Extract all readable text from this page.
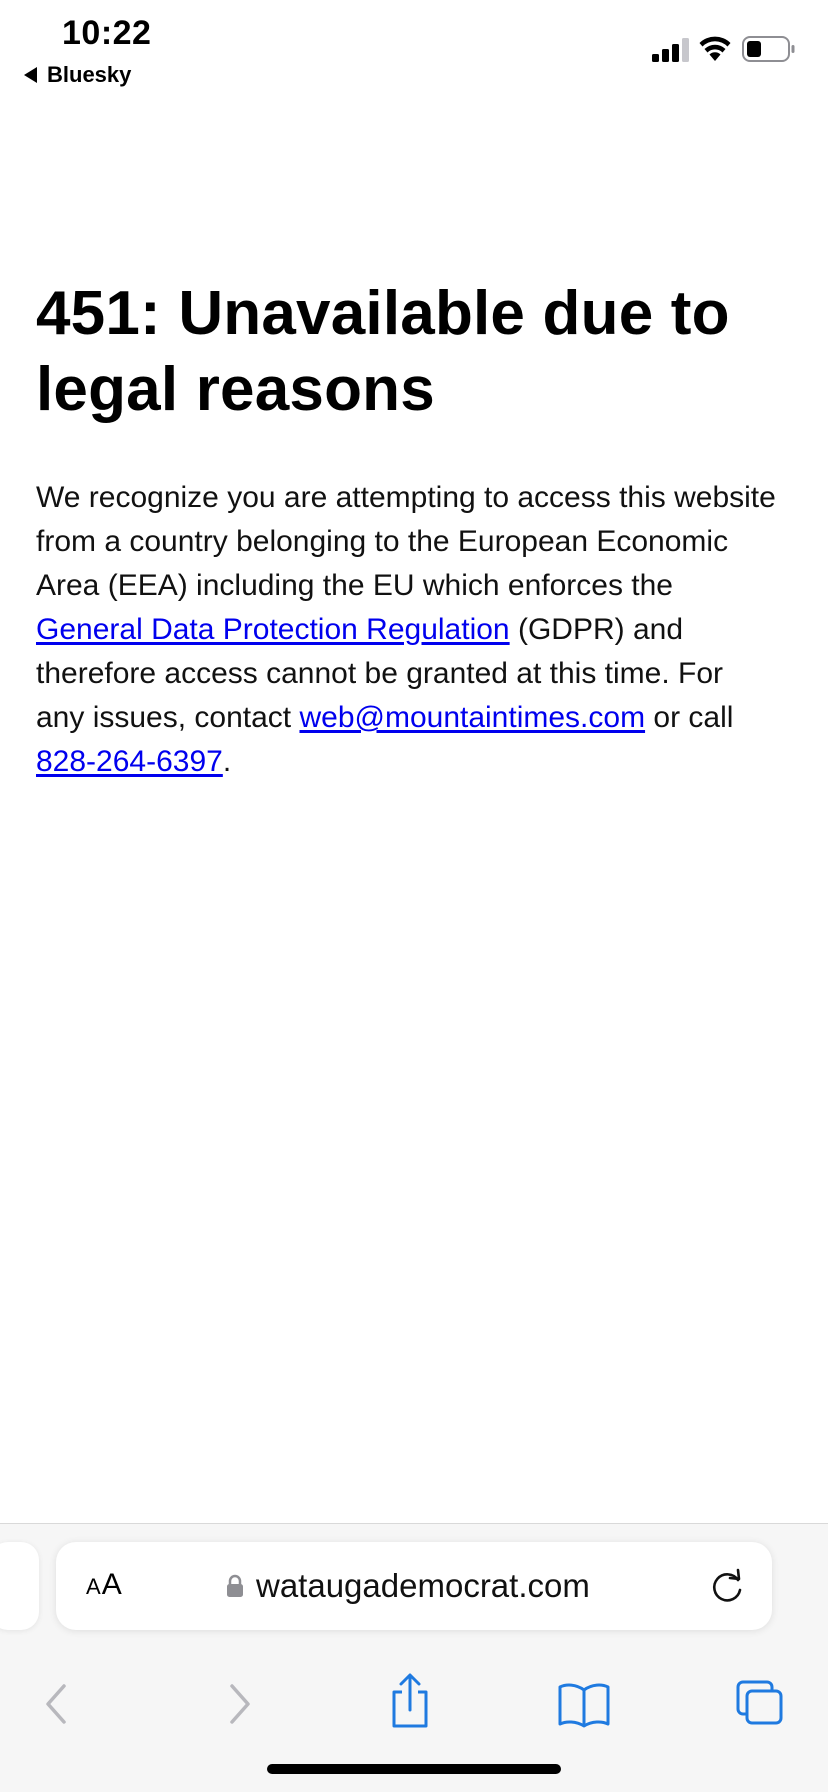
10:22
Bluesky
451: Unavailable due to legal reasons

We recognize you are attempting to access this website from a country belonging to the European Economic Area (EEA) including the EU which enforces the General Data Protection Regulation (GDPR) and therefore access cannot be granted at this time. For any issues, contact web@mountaintimes.com or call 828-264-6397.

AA	wataugademocrat.com
